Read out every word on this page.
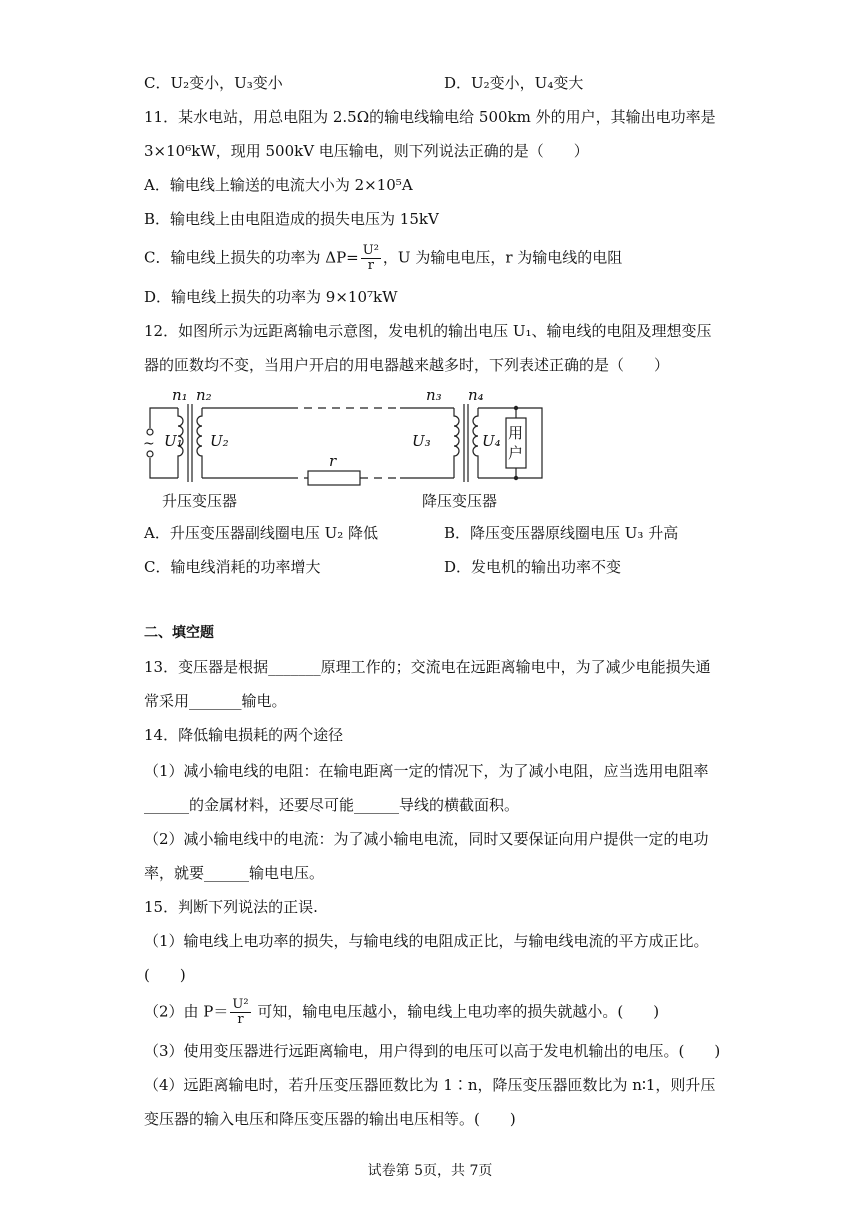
C．U₂变小，U₃变小	D．U₂变小，U₄变大
11．某水电站，用总电阻为 2.5Ω的输电线输电给 500km 外的用户，其输出电功率是
3×10⁶kW，现用 500kV 电压输电，则下列说法正确的是（　　）
A．输电线上输送的电流大小为 2×10⁵A
B．输电线上由电阻造成的损失电压为 15kV
C．输电线上损失的功率为 $\Delta P= \frac{\text{U²}}{r}$ ，U 为输电电压，r 为输电线的电阻
D．输电线上损失的功率为 9×10⁷kW
12．如图所示为远距离输电示意图，发电机的输出电压 U₁、输电线的电阻及理想变压
器的匝数均不变，当用户开启的用电器越来越多时，下列表述正确的是（　　）
U₁ U₂	U₃	U₄
n₁ n₂	n₃ n₄
r
~
用
户
升压变压器	降压变压器
A．升压变压器副线圈电压 U₂ 降低	B．降压变压器原线圈电压 U₃ 升高
C．输电线消耗的功率增大	D．发电机的输出功率不变
二、填空题
13．变压器是根据_______原理工作的；交流电在远距离输电中，为了减少电能损失通
常采用_______输电。
14．降低输电损耗的两个途径
（1）减小输电线的电阻：在输电距离一定的情况下，为了减小电阻，应当选用电阻率
______的金属材料，还要尽可能______导线的横截面积。
（2）减小输电线中的电流：为了减小输电电流，同时又要保证向用户提供一定的电功
率，就要______输电电压。
15．判断下列说法的正误.
（1）输电线上电功率的损失，与输电线的电阻成正比，与输电线电流的平方成正比。
(　　)
（2）由 $P= \frac{\text{U²}}{r}$ 可知，输电电压越小，输电线上电功率的损失就越小。(　　)
（3）使用变压器进行远距离输电，用户得到的电压可以高于发电机输出的电压。(　　)
（4）远距离输电时，若升压变压器匝数比为 1∶n，降压变压器匝数比为 n∶1，则升压
变压器的输入电压和降压变压器的输出电压相等。(　　)
试卷第 5页，共 7页
